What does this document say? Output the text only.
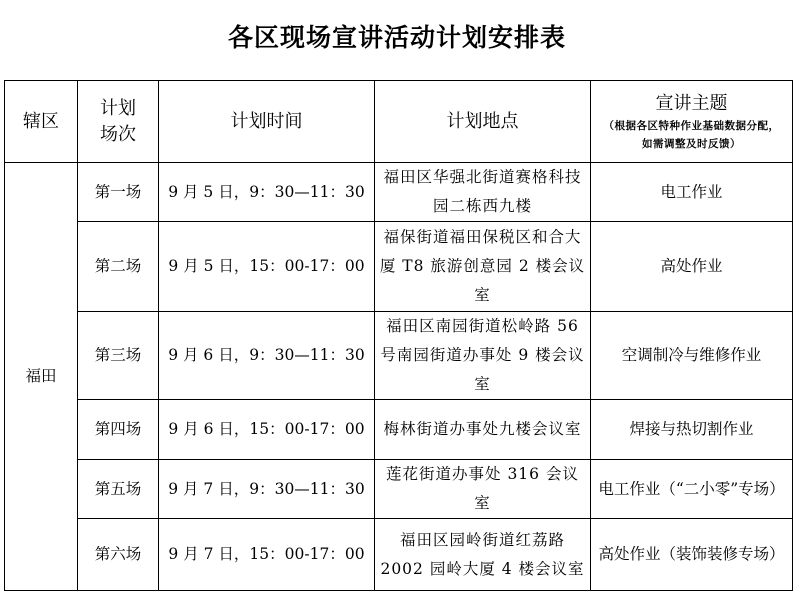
各区现场宣讲活动计划安排表
辖区	计划场次	计划时间	计划地点	宣讲主题
（根据各区特种作业基础数据分配，如需调整及时反馈）

福田	第一场	9 月 5 日，9：30—11：30	福田区华强北街道赛格科技园二栋西九楼	电工作业
	第二场	9 月 5 日，15：00-17：00	福保街道福田保税区和合大厦 T8 旅游创意园 2 楼会议室	高处作业
	第三场	9 月 6 日，9：30—11：30	福田区南园街道松岭路 56 号南园街道办事处 9 楼会议室	空调制冷与维修作业
	第四场	9 月 6 日，15：00-17：00	梅林街道办事处九楼会议室	焊接与热切割作业
	第五场	9 月 7 日，9：30—11：30	莲花街道办事处 316 会议室	电工作业（“二小零”专场）
	第六场	9 月 7 日，15：00-17：00	福田区园岭街道红荔路 2002 园岭大厦 4 楼会议室	高处作业（装饰装修专场）
